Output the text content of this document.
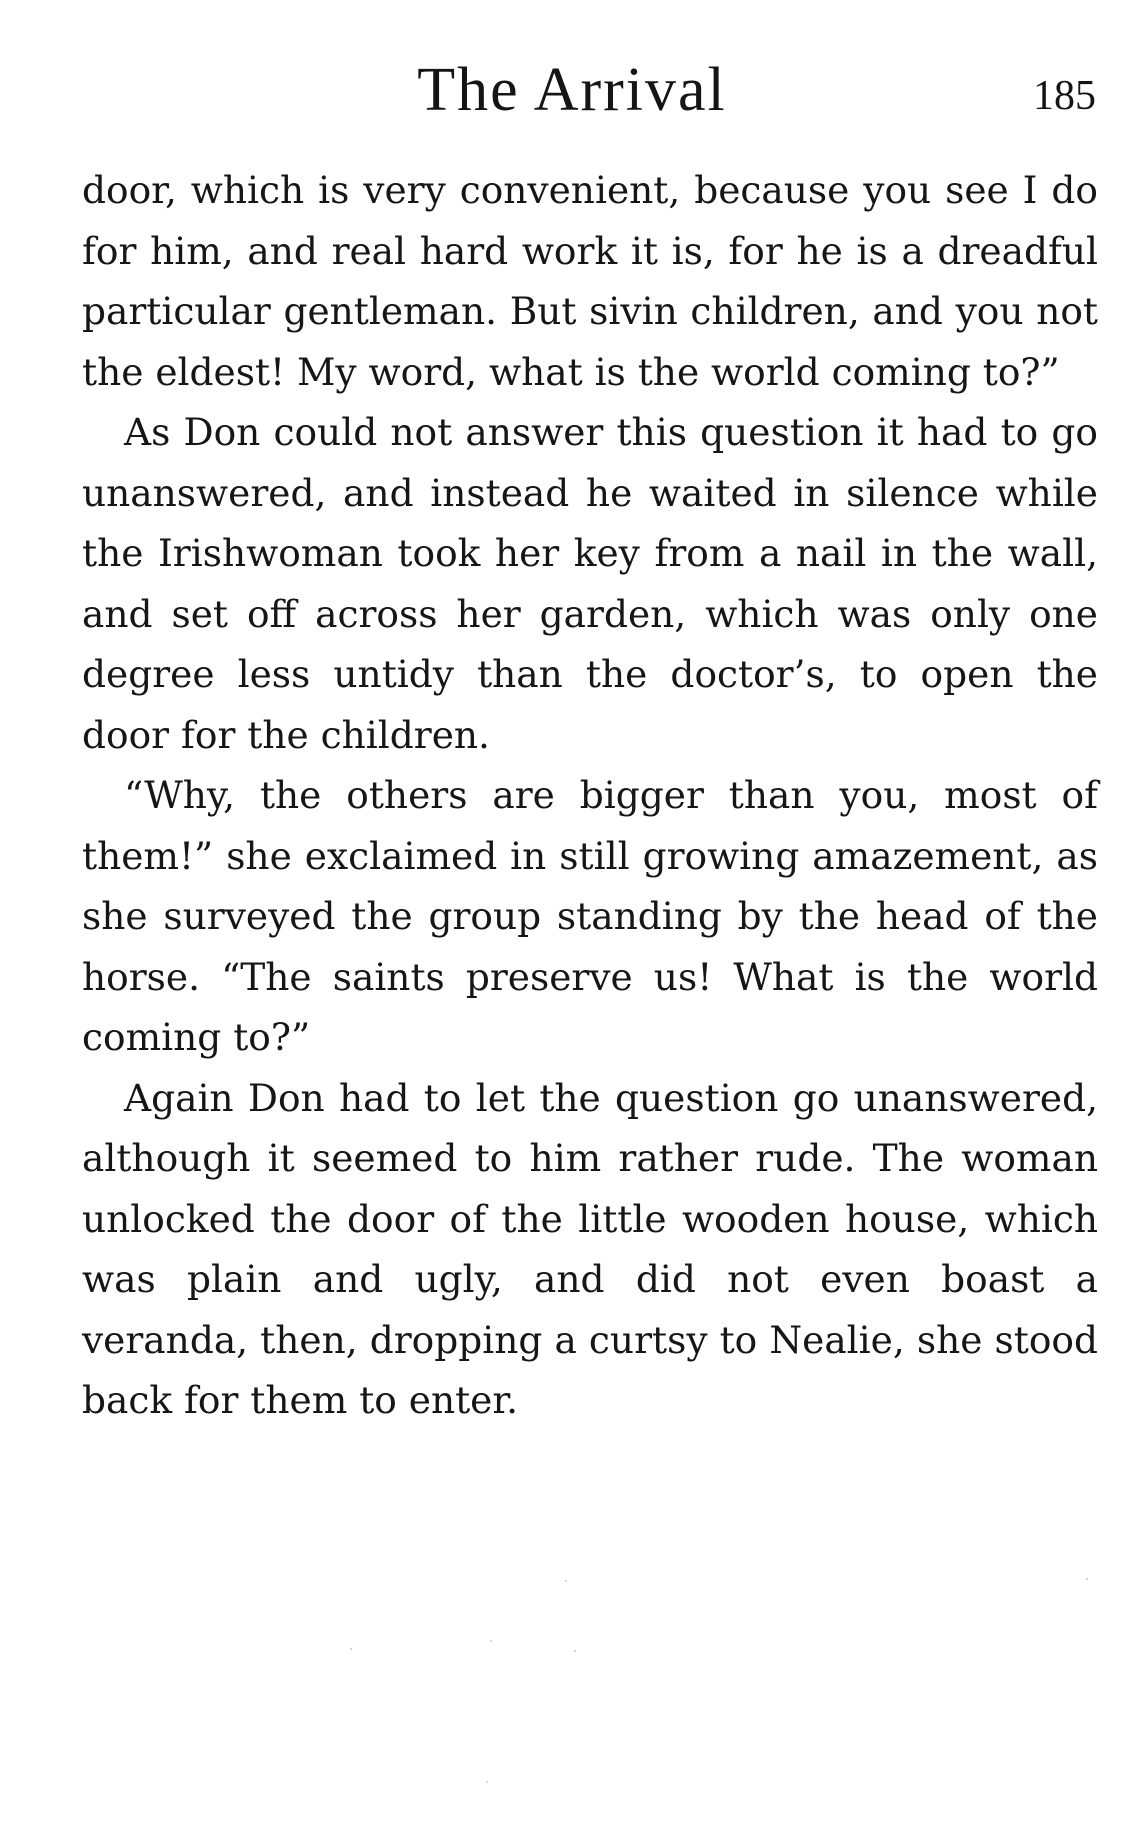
The Arrival	185

door, which is very convenient, because you see I do for him, and real hard work it is, for he is a dreadful particular gentleman. But sivin children, and you not the eldest! My word, what is the world coming to?”

As Don could not answer this question it had to go unanswered, and instead he waited in silence while the Irishwoman took her key from a nail in the wall, and set off across her garden, which was only one degree less untidy than the doctor’s, to open the door for the children.

“Why, the others are bigger than you, most of them!” she exclaimed in still growing amazement, as she surveyed the group standing by the head of the horse. “The saints preserve us! What is the world coming to?”

Again Don had to let the question go unanswered, although it seemed to him rather rude. The woman unlocked the door of the little wooden house, which was plain and ugly, and did not even boast a veranda, then, dropping a curtsy to Nealie, she stood back for them to enter.
